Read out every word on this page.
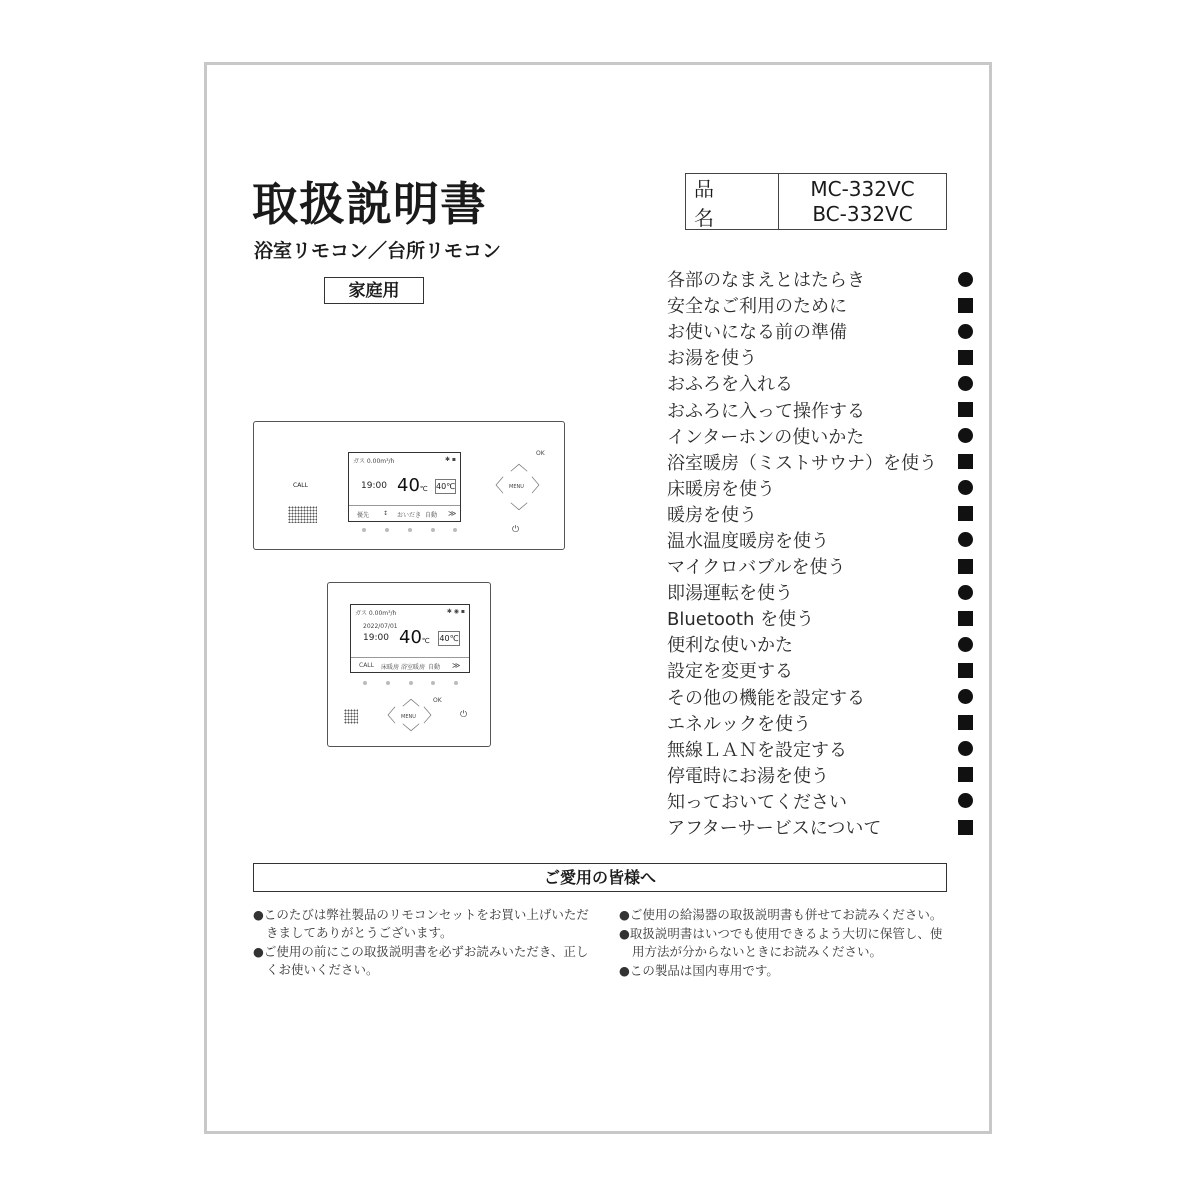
取扱説明書
浴室リモコン／台所リモコン
家庭用
品　名
MC-332VC
BC-332VC
各部のなまえとはたらき
安全なご利用のために
お使いになる前の準備
お湯を使う
おふろを入れる
おふろに入って操作する
インターホンの使いかた
浴室暖房（ミストサウナ）を使う
床暖房を使う
暖房を使う
温水温度暖房を使う
マイクロバブルを使う
即湯運転を使う
Bluetooth を使う
便利な使いかた
設定を変更する
その他の機能を設定する
エネルックを使う
無線ＬＡＮを設定する
停電時にお湯を使う
知っておいてください
アフターサービスについて
CALL
ガス 0.00m³/h	✱ ▪
19:00 40℃ 40℃
優先 ↕ おいだき 自動 ≫
OK
︿
〈 MENU 〉
﹀
⏻
ガス 0.00m³/h	✱ ◉ ▪
2022/07/01
19:00 40℃ 40℃
CALL 床暖房 浴室暖房 自動 ≫
︿ OK
〈 MENU 〉 ⏻
﹀
ご愛用の皆様へ
●このたびは弊社製品のリモコンセットをお買い上げいただきましてありがとうございます。
●ご使用の前にこの取扱説明書を必ずお読みいただき、正しくお使いください。
●ご使用の給湯器の取扱説明書も併せてお読みください。
●取扱説明書はいつでも使用できるよう大切に保管し、使用方法が分からないときにお読みください。
●この製品は国内専用です。
